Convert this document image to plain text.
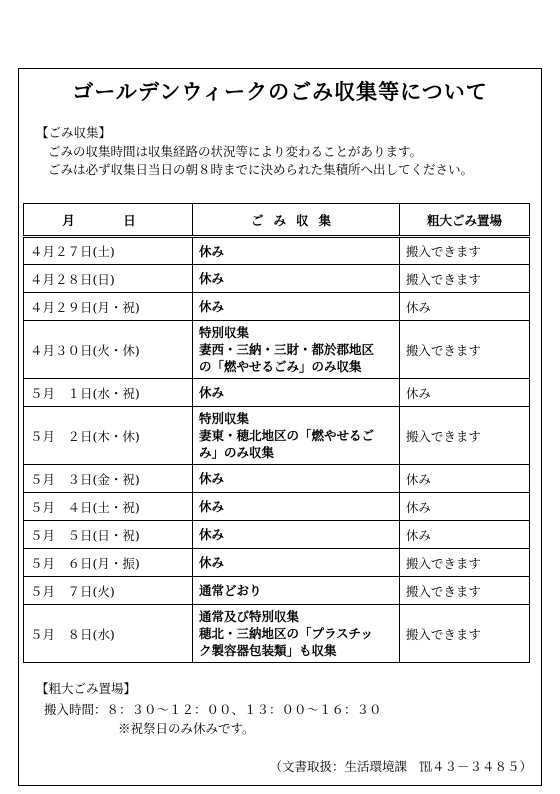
ゴールデンウィークのごみ収集等について
【ごみ収集】
ごみの収集時間は収集経路の状況等により変わることがあります。
ごみは必ず収集日当日の朝８時までに決められた集積所へ出してください。
月　日	ごみ収集	粗大ごみ置場
４月２７日(土)	休み	搬入できます
４月２８日(日)	休み	搬入できます
４月２９日(月・祝)	休み	休み
４月３０日(火・休)	特別収集
妻西・三納・三財・都於郡地区
の「燃やせるごみ」のみ収集	搬入できます
５月　１日(水・祝)	休み	休み
５月　２日(木・休)	特別収集
妻東・穂北地区の「燃やせるご
み」のみ収集	搬入できます
５月　３日(金・祝)	休み	休み
５月　４日(土・祝)	休み	休み
５月　５日(日・祝)	休み	休み
５月　６日(月・振)	休み	搬入できます
５月　７日(火)	通常どおり	搬入できます
５月　８日(水)	通常及び特別収集
穂北・三納地区の「プラスチッ
ク製容器包装類」も収集	搬入できます
【粗大ごみ置場】
搬入時間：８：３０〜１２：００、１３：００〜１６：３０
※祝祭日のみ休みです。
（文書取扱：生活環境課　℡４３－３４８５）
